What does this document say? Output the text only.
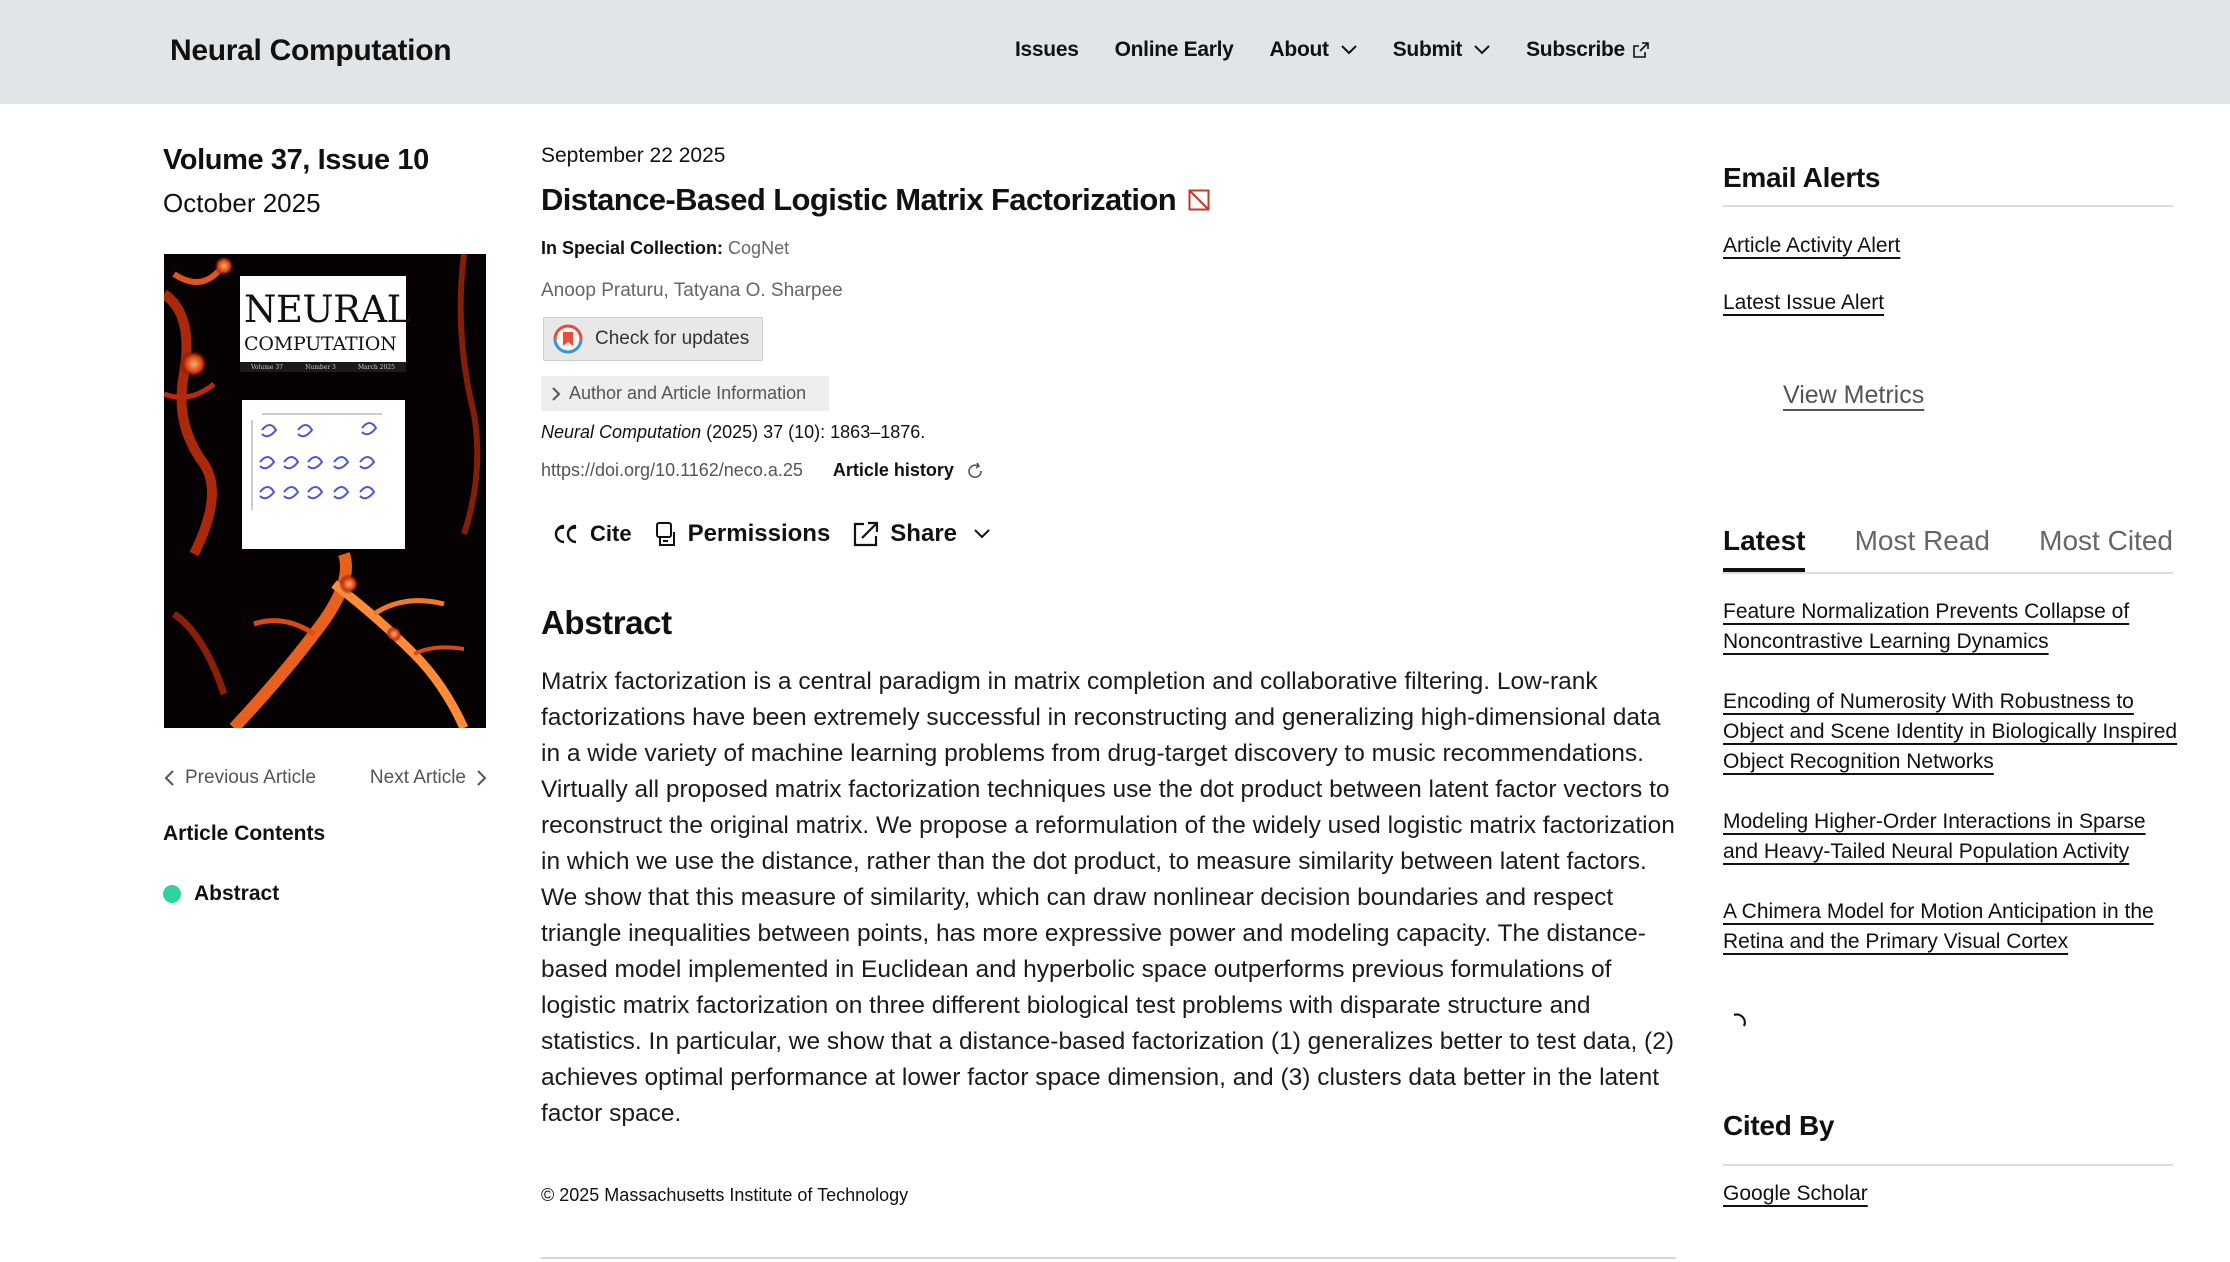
Neural Computation	Issues Online Early About	Submit	Subscribe
Volume 37, Issue 10
October 2025
NEURAL
COMPUTATION
Volume 37	Number 3	March 2025
Previous Article	Next Article
Article Contents
Abstract
September 22 2025
Distance-Based Logistic Matrix Factorization
In Special Collection: CogNet
Anoop Praturu, Tatyana O. Sharpee
Check for updates
Author and Article Information
Neural Computation (2025) 37 (10): 1863–1876.
https://doi.org/10.1162/neco.a.25 Article history
Cite Permissions	Share
Abstract
Matrix factorization is a central paradigm in matrix completion and collaborative filtering. Low-rank factorizations have been extremely successful in reconstructing and generalizing high-dimensional data in a wide variety of machine learning problems from drug-target discovery to music recommendations. Virtually all proposed matrix factorization techniques use the dot product between latent factor vectors to reconstruct the original matrix. We propose a reformulation of the widely used logistic matrix factorization in which we use the distance, rather than the dot product, to measure similarity between latent factors. We show that this measure of similarity, which can draw nonlinear decision boundaries and respect triangle inequalities between points, has more expressive power and modeling capacity. The distance-based model implemented in Euclidean and hyperbolic space outperforms previous formulations of logistic matrix factorization on three different biological test problems with disparate structure and statistics. In particular, we show that a distance-based factorization (1) generalizes better to test data, (2) achieves optimal performance at lower factor space dimension, and (3) clusters data better in the latent factor space.
© 2025 Massachusetts Institute of Technology
Email Alerts
Article Activity Alert
Latest Issue Alert
View Metrics
Latest Most Read Most Cited
Feature Normalization Prevents Collapse of Noncontrastive Learning Dynamics
Encoding of Numerosity With Robustness to Object and Scene Identity in Biologically Inspired Object Recognition Networks
Modeling Higher-Order Interactions in Sparse and Heavy-Tailed Neural Population Activity
A Chimera Model for Motion Anticipation in the Retina and the Primary Visual Cortex
Cited By
Google Scholar
